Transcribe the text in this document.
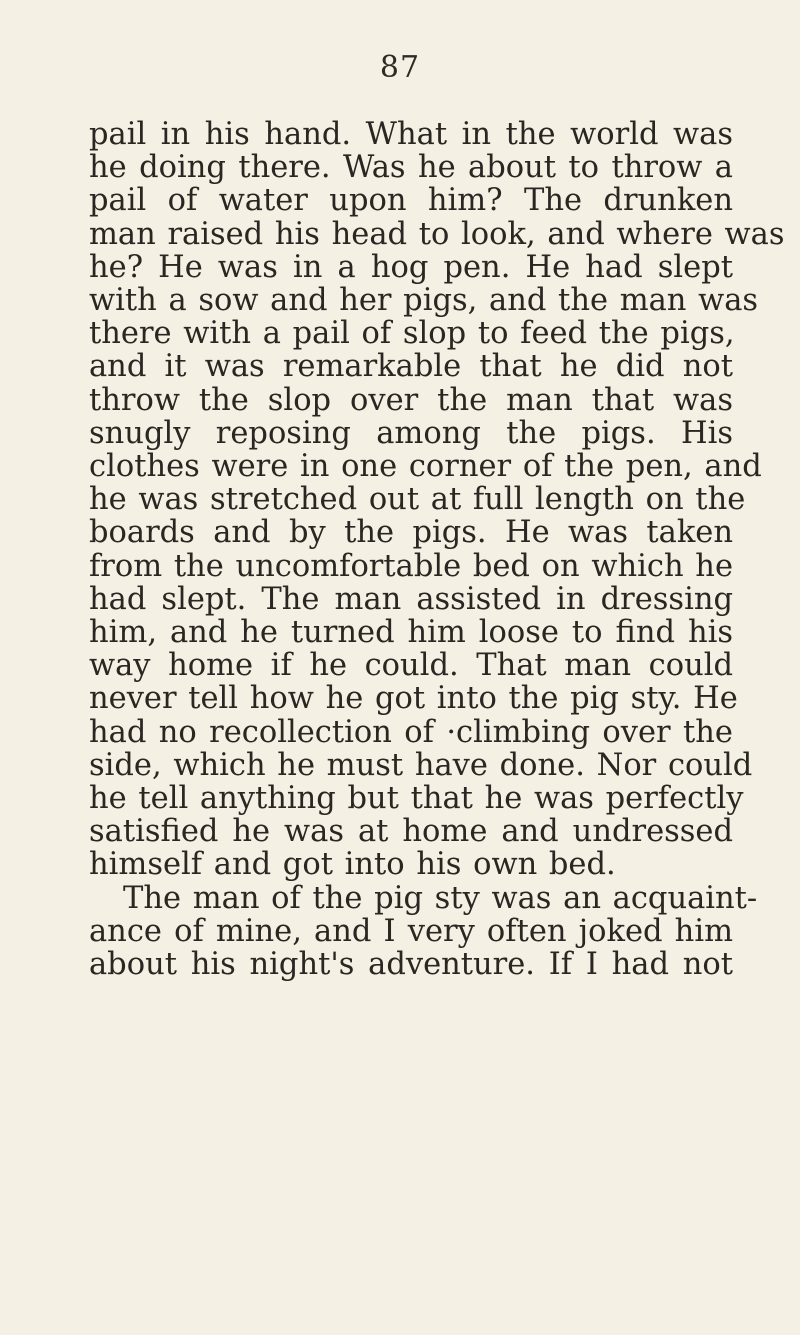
87
pail in his hand. What in the world was
he doing there. Was he about to throw a
pail of water upon him? The drunken
man raised his head to look, and where was
he? He was in a hog pen. He had slept
with a sow and her pigs, and the man was
there with a pail of slop to feed the pigs,
and it was remarkable that he did not
throw the slop over the man that was
snugly reposing among the pigs. His
clothes were in one corner of the pen, and
he was stretched out at full length on the
boards and by the pigs. He was taken
from the uncomfortable bed on which he
had slept. The man assisted in dressing
him, and he turned him loose to find his
way home if he could. That man could
never tell how he got into the pig sty. He
had no recollection of ·climbing over the
side, which he must have done. Nor could
he tell anything but that he was perfectly
satisfied he was at home and undressed
himself and got into his own bed.
The man of the pig sty was an acquaint-
ance of mine, and I very often joked him
about his night's adventure. If I had not
